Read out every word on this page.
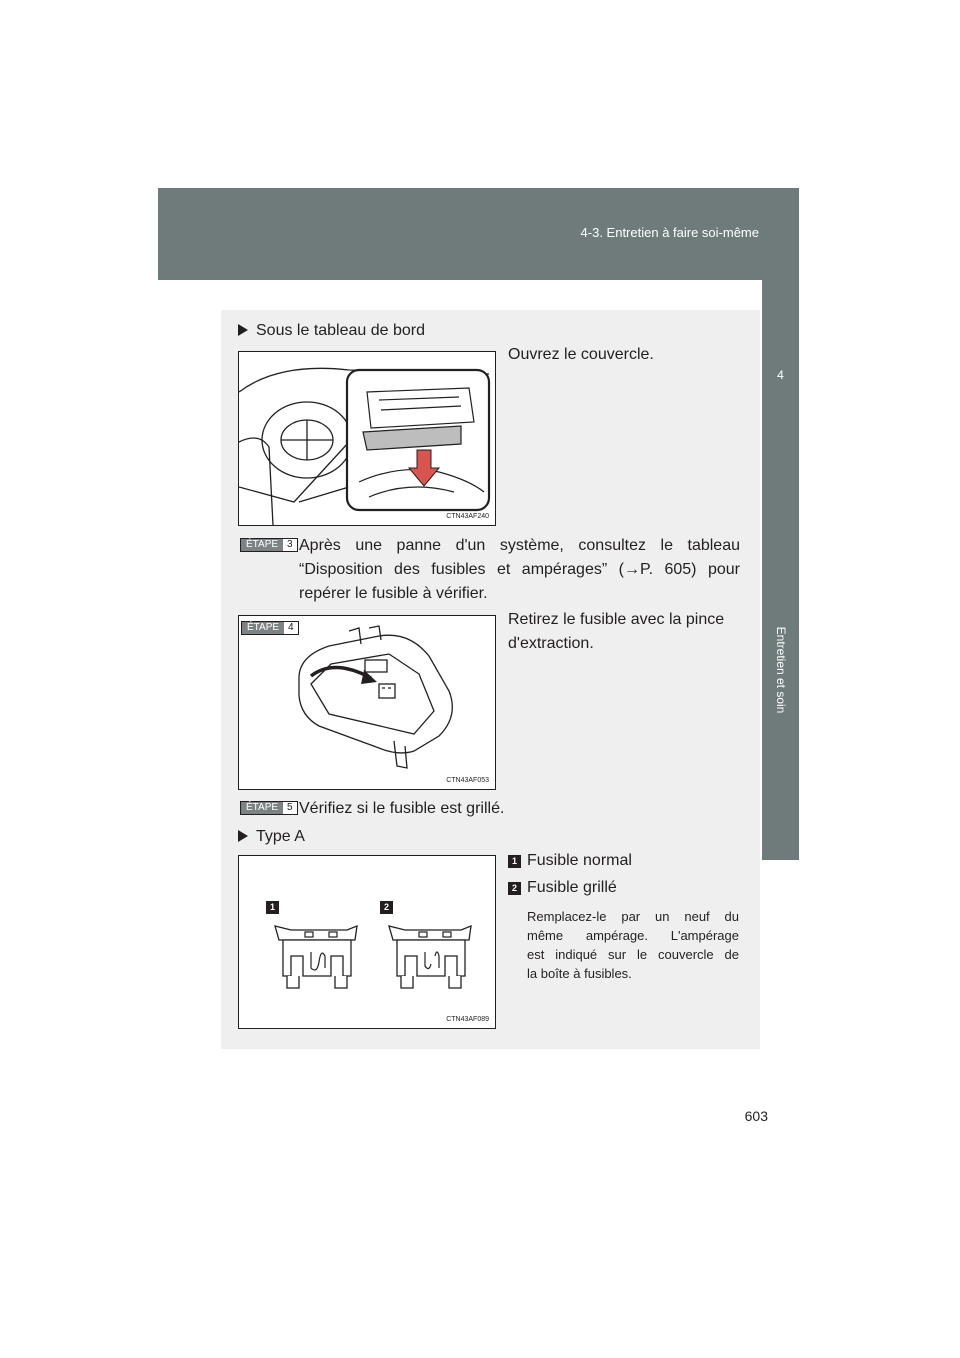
4-3. Entretien à faire soi-même
4
Entretien et soin
Sous le tableau de bord
CTN43AF240
Ouvrez le couvercle.
ÉTAPE 3 Après une panne d'un système, consultez le tableau
“Disposition des fusibles et ampérages” (→P. 605) pour
repérer le fusible à vérifier.
ÉTAPE 4
CTN43AF053
Retirez le fusible avec la pince
d'extraction.
ÉTAPE 5 Vérifiez si le fusible est grillé.
Type A
1	2
CTN43AF089
1 Fusible normal
2 Fusible grillé
Remplacez-le par un neuf du
même ampérage. L'ampérage
est indiqué sur le couvercle de
la boîte à fusibles.
603
